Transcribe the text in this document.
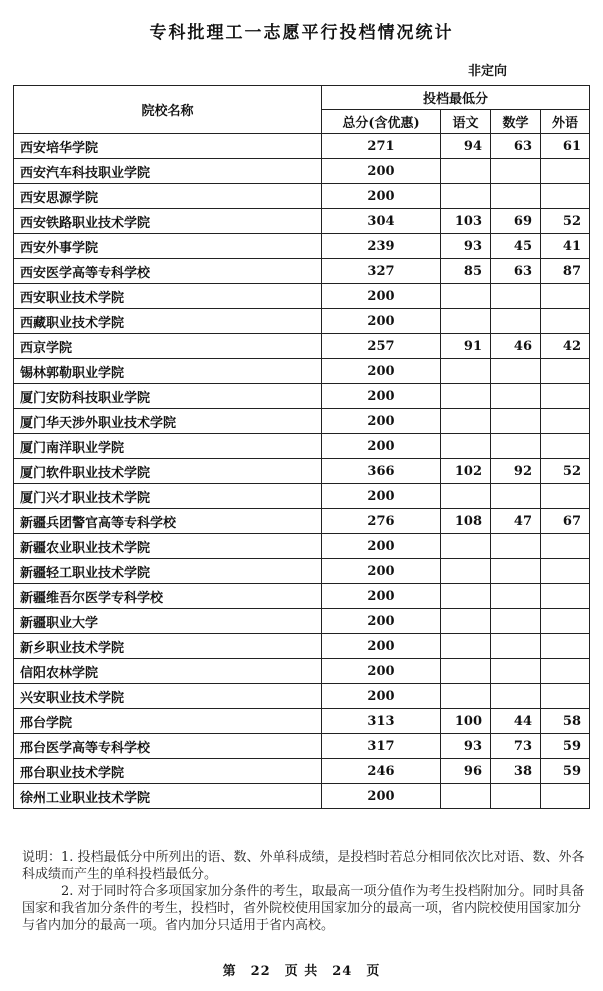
专科批理工一志愿平行投档情况统计
非定向
院校名称	投档最低分			
	总分(含优惠)	语文	数学	外语
西安培华学院	271	94	63	61
西安汽车科技职业学院	200			
西安思源学院	200			
西安铁路职业技术学院	304	103	69	52
西安外事学院	239	93	45	41
西安医学高等专科学校	327	85	63	87
西安职业技术学院	200			
西藏职业技术学院	200			
西京学院	257	91	46	42
锡林郭勒职业学院	200			
厦门安防科技职业学院	200			
厦门华天涉外职业技术学院	200			
厦门南洋职业学院	200			
厦门软件职业技术学院	366	102	92	52
厦门兴才职业技术学院	200			
新疆兵团警官高等专科学校	276	108	47	67
新疆农业职业技术学院	200			
新疆轻工职业技术学院	200			
新疆维吾尔医学专科学校	200			
新疆职业大学	200			
新乡职业技术学院	200			
信阳农林学院	200			
兴安职业技术学院	200			
邢台学院	313	100	44	58
邢台医学高等专科学校	317	93	73	59
邢台职业技术学院	246	96	38	59
徐州工业职业技术学院	200			

说明：1. 投档最低分中所列出的语、数、外单科成绩，是投档时若总分相同依次比对语、数、外各科成绩而产生的单科投档最低分。

2. 对于同时符合多项国家加分条件的考生，取最高一项分值作为考生投档附加分。同时具备国家和我省加分条件的考生，投档时，省外院校使用国家加分的最高一项，省内院校使用国家加分与省内加分的最高一项。省内加分只适用于省内高校。

第　22　页 共　24　页
